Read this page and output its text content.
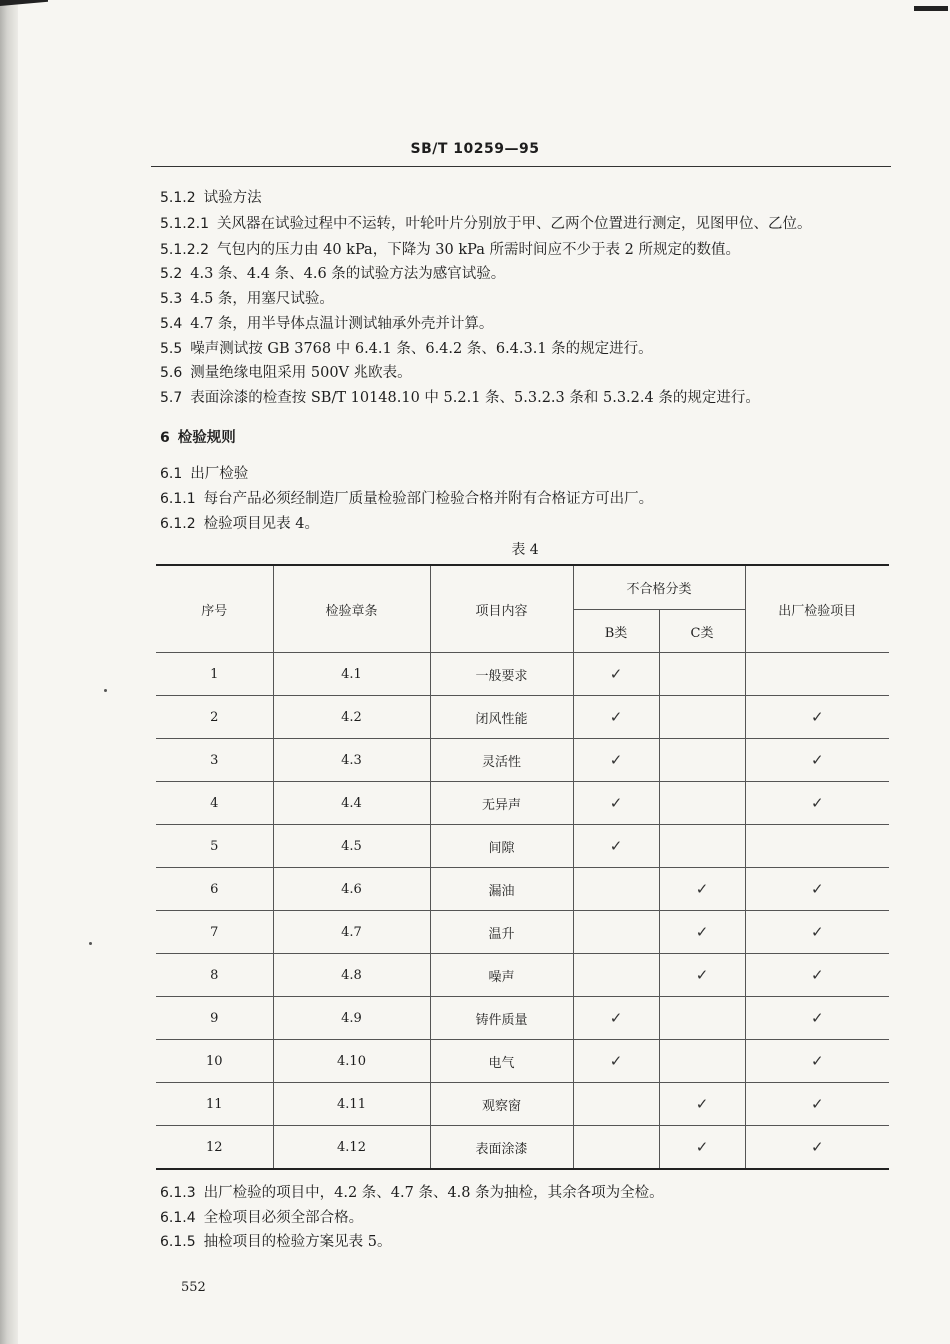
SB/T 10259—95
5.1.2 试验方法
5.1.2.1 关风器在试验过程中不运转，叶轮叶片分别放于甲、乙两个位置进行测定，见图甲位、乙位。
5.1.2.2 气包内的压力由 40 kPa，下降为 30 kPa 所需时间应不少于表 2 所规定的数值。
5.2 4.3 条、4.4 条、4.6 条的试验方法为感官试验。
5.3 4.5 条，用塞尺试验。
5.4 4.7 条，用半导体点温计测试轴承外壳并计算。
5.5 噪声测试按 GB 3768 中 6.4.1 条、6.4.2 条、6.4.3.1 条的规定进行。
5.6 测量绝缘电阻采用 500V 兆欧表。
5.7 表面涂漆的检查按 SB/T 10148.10 中 5.2.1 条、5.3.2.3 条和 5.3.2.4 条的规定进行。
6 检验规则
6.1 出厂检验
6.1.1 每台产品必须经制造厂质量检验部门检验合格并附有合格证方可出厂。
6.1.2 检验项目见表 4。
表 4
序号	检验章条	项目内容	不合格分类		出厂检验项目
			B类	C类	
1	4.1	一般要求	✓		
2	4.2	闭风性能	✓		✓
3	4.3	灵活性	✓		✓
4	4.4	无异声	✓		✓
5	4.5	间隙	✓		
6	4.6	漏油		✓	✓
7	4.7	温升		✓	✓
8	4.8	噪声		✓	✓
9	4.9	铸件质量	✓		✓
10	4.10	电气	✓		✓
11	4.11	观察窗		✓	✓
12	4.12	表面涂漆		✓	✓
6.1.3 出厂检验的项目中，4.2 条、4.7 条、4.8 条为抽检，其余各项为全检。
6.1.4 全检项目必须全部合格。
6.1.5 抽检项目的检验方案见表 5。
552
